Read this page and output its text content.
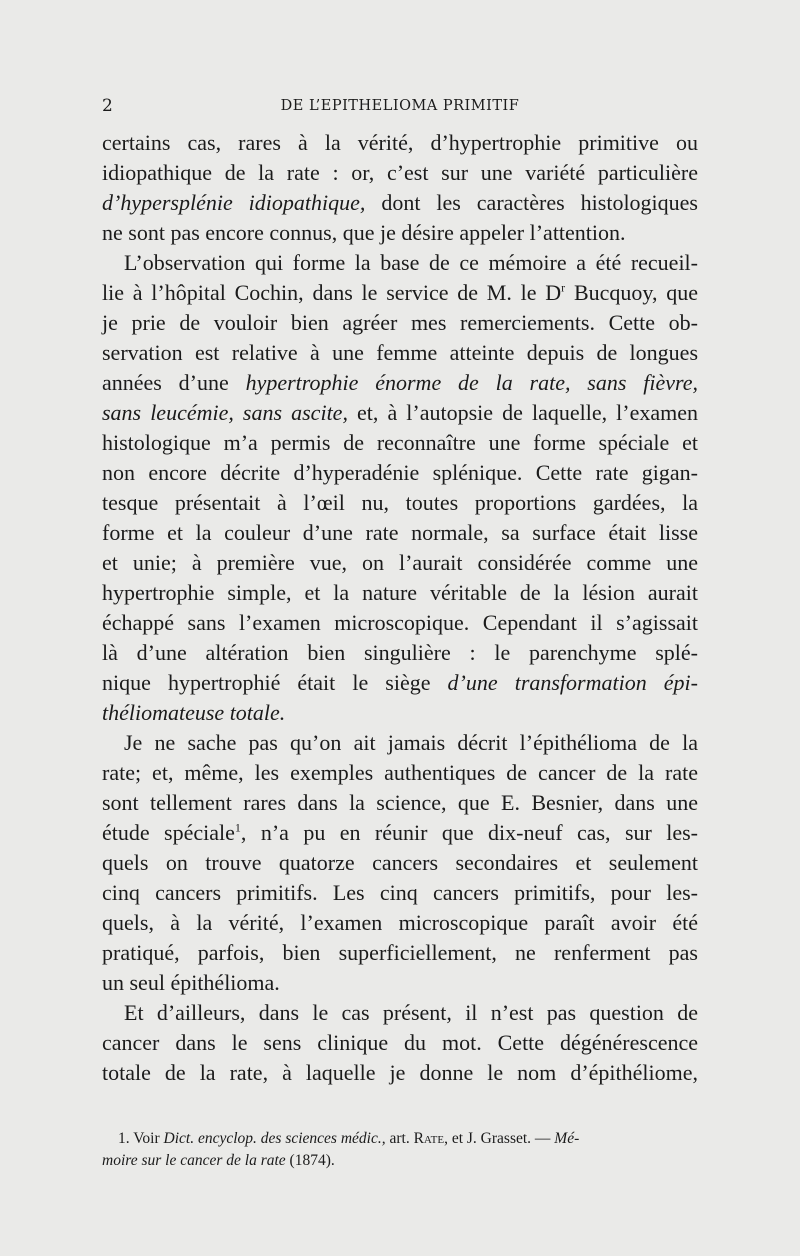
2	DE L’EPITHELIOMA PRIMITIF
certains cas, rares à la vérité, d’hypertrophie primitive ou
idiopathique de la rate : or, c’est sur une variété particulière
d’hypersplénie idiopathique, dont les caractères histologiques
ne sont pas encore connus, que je désire appeler l’attention.
L’observation qui forme la base de ce mémoire a été recueil-
lie à l’hôpital Cochin, dans le service de M. le $D^r$ Bucquoy, que
je prie de vouloir bien agréer mes remerciements. Cette ob-
servation est relative à une femme atteinte depuis de longues
années d’une hypertrophie énorme de la rate, sans fièvre,
sans leucémie, sans ascite, et, à l’autopsie de laquelle, l’examen
histologique m’a permis de reconnaître une forme spéciale et
non encore décrite d’hyperadénie splénique. Cette rate gigan-
tesque présentait à l’œil nu, toutes proportions gardées, la
forme et la couleur d’une rate normale, sa surface était lisse
et unie; à première vue, on l’aurait considérée comme une
hypertrophie simple, et la nature véritable de la lésion aurait
échappé sans l’examen microscopique. Cependant il s’agissait
là d’une altération bien singulière : le parenchyme splé-
nique hypertrophié était le siège d’une transformation épi-
théliomateuse totale.
Je ne sache pas qu’on ait jamais décrit l’épithélioma de la
rate; et, même, les exemples authentiques de cancer de la rate
sont tellement rares dans la science, que E. Besnier, dans une
étude spéciale$^1$, n’a pu en réunir que dix-neuf cas, sur les-
quels on trouve quatorze cancers secondaires et seulement
cinq cancers primitifs. Les cinq cancers primitifs, pour les-
quels, à la vérité, l’examen microscopique paraît avoir été
pratiqué, parfois, bien superficiellement, ne renferment pas
un seul épithélioma.
Et d’ailleurs, dans le cas présent, il n’est pas question de
cancer dans le sens clinique du mot. Cette dégénérescence
totale de la rate, à laquelle je donne le nom d’épithéliome,
1. Voir Dict. encyclop. des sciences médic., art. Rate, et J. Grasset. — Mé-
moire sur le cancer de la rate (1874).
